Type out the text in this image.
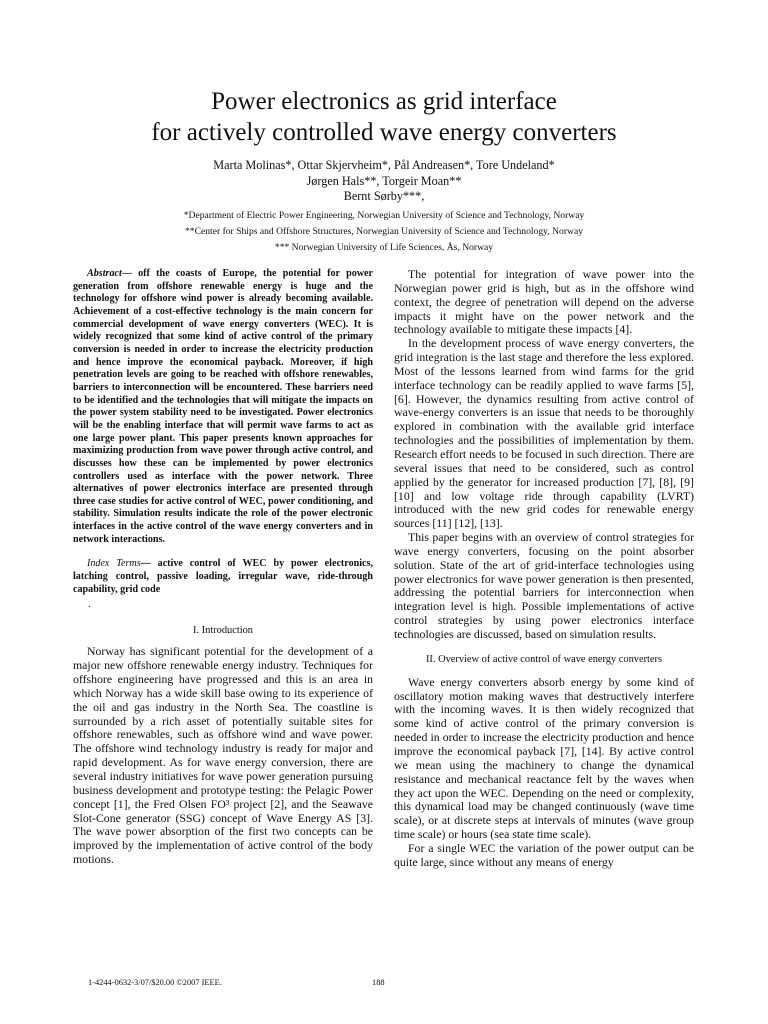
Power electronics as grid interface
for actively controlled wave energy converters
Marta Molinas*, Ottar Skjervheim*, Pål Andreasen*, Tore Undeland*
Jørgen Hals**, Torgeir Moan**
Bernt Sørby***,
*Department of Electric Power Engineering, Norwegian University of Science and Technology, Norway
**Center for Ships and Offshore Structures, Norwegian University of Science and Technology, Norway
*** Norwegian University of Life Sciences, Ås, Norway

Abstract— off the coasts of Europe, the potential for power generation from offshore renewable energy is huge and the technology for offshore wind power is already becoming available. Achievement of a cost-effective technology is the main concern for commercial development of wave energy converters (WEC). It is widely recognized that some kind of active control of the primary conversion is needed in order to increase the electricity production and hence improve the economical payback. Moreover, if high penetration levels are going to be reached with offshore renewables, barriers to interconnection will be encountered. These barriers need to be identified and the technologies that will mitigate the impacts on the power system stability need to be investigated. Power electronics will be the enabling interface that will permit wave farms to act as one large power plant. This paper presents known approaches for maximizing production from wave power through active control, and discusses how these can be implemented by power electronics controllers used as interface with the power network. Three alternatives of power electronics interface are presented through three case studies for active control of WEC, power conditioning, and stability. Simulation results indicate the role of the power electronic interfaces in the active control of the wave energy converters and in network interactions.

Index Terms— active control of WEC by power electronics, latching control, passive loading, irregular wave, ride-through capability, grid code
.
I. Introduction

Norway has significant potential for the development of a major new offshore renewable energy industry. Techniques for offshore engineering have progressed and this is an area in which Norway has a wide skill base owing to its experience of the oil and gas industry in the North Sea. The coastline is surrounded by a rich asset of potentially suitable sites for offshore renewables, such as offshore wind and wave power. The offshore wind technology industry is ready for major and rapid development. As for wave energy conversion, there are several industry initiatives for wave power generation pursuing business development and prototype testing: the Pelagic Power concept [1], the Fred Olsen FO³ project [2], and the Seawave Slot-Cone generator (SSG) concept of Wave Energy AS [3]. The wave power absorption of the first two concepts can be improved by the implementation of active control of the body motions.

The potential for integration of wave power into the Norwegian power grid is high, but as in the offshore wind context, the degree of penetration will depend on the adverse impacts it might have on the power network and the technology available to mitigate these impacts [4].

In the development process of wave energy converters, the grid integration is the last stage and therefore the less explored. Most of the lessons learned from wind farms for the grid interface technology can be readily applied to wave farms [5], [6]. However, the dynamics resulting from active control of wave-energy converters is an issue that needs to be thoroughly explored in combination with the available grid interface technologies and the possibilities of implementation by them. Research effort needs to be focused in such direction. There are several issues that need to be considered, such as control applied by the generator for increased production [7], [8], [9] [10] and low voltage ride through capability (LVRT) introduced with the new grid codes for renewable energy sources [11] [12], [13].

This paper begins with an overview of control strategies for wave energy converters, focusing on the point absorber solution. State of the art of grid-interface technologies using power electronics for wave power generation is then presented, addressing the potential barriers for interconnection when integration level is high. Possible implementations of active control strategies by using power electronics interface technologies are discussed, based on simulation results.

II. Overview of active control of wave energy converters

Wave energy converters absorb energy by some kind of oscillatory motion making waves that destructively interfere with the incoming waves. It is then widely recognized that some kind of active control of the primary conversion is needed in order to increase the electricity production and hence improve the economical payback [7], [14]. By active control we mean using the machinery to change the dynamical resistance and mechanical reactance felt by the waves when they act upon the WEC. Depending on the need or complexity, this dynamical load may be changed continuously (wave time scale), or at discrete steps at intervals of minutes (wave group time scale) or hours (sea state time scale).

For a single WEC the variation of the power output can be quite large, since without any means of energy

1-4244-0632-3/07/$20.00 ©2007 IEEE.	188
